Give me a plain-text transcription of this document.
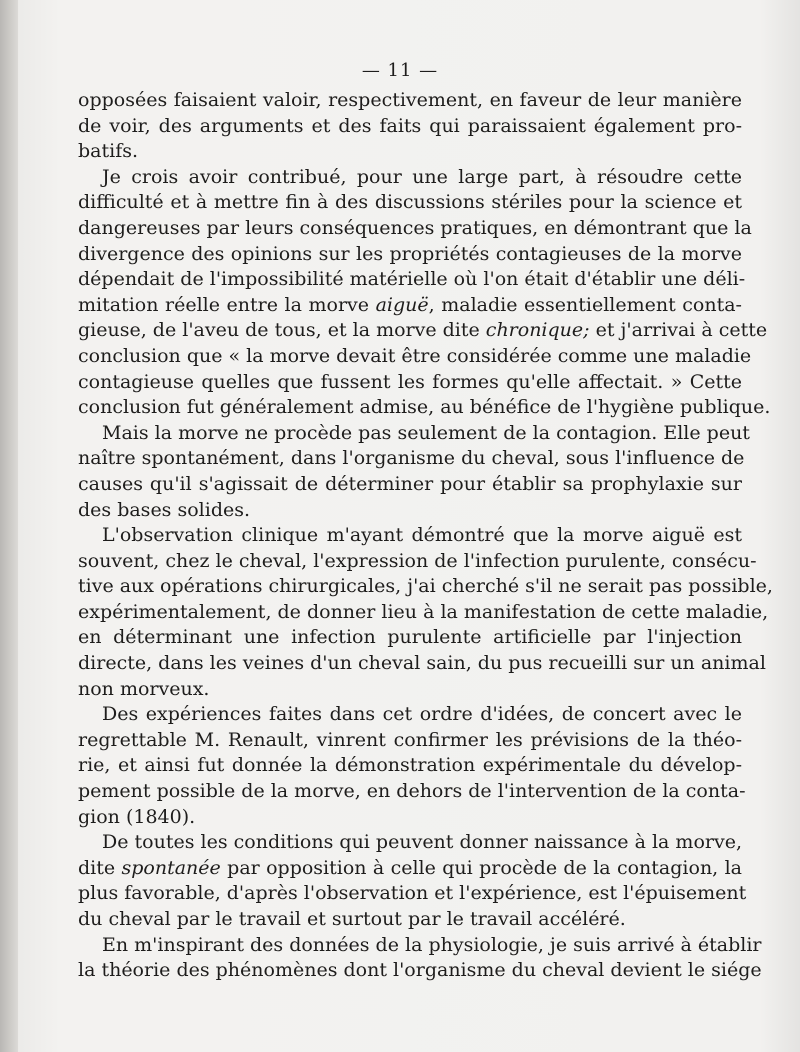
— 11 —
opposées faisaient valoir, respectivement, en faveur de leur manière
de voir, des arguments et des faits qui paraissaient également pro-
batifs.
Je crois avoir contribué, pour une large part, à résoudre cette
difficulté et à mettre fin à des discussions stériles pour la science et
dangereuses par leurs conséquences pratiques, en démontrant que la
divergence des opinions sur les propriétés contagieuses de la morve
dépendait de l'impossibilité matérielle où l'on était d'établir une déli-
mitation réelle entre la morve aiguë, maladie essentiellement conta-
gieuse, de l'aveu de tous, et la morve dite chronique; et j'arrivai à cette
conclusion que « la morve devait être considérée comme une maladie
contagieuse quelles que fussent les formes qu'elle affectait. » Cette
conclusion fut généralement admise, au bénéfice de l'hygiène publique.
Mais la morve ne procède pas seulement de la contagion. Elle peut
naître spontanément, dans l'organisme du cheval, sous l'influence de
causes qu'il s'agissait de déterminer pour établir sa prophylaxie sur
des bases solides.
L'observation clinique m'ayant démontré que la morve aiguë est
souvent, chez le cheval, l'expression de l'infection purulente, consécu-
tive aux opérations chirurgicales, j'ai cherché s'il ne serait pas possible,
expérimentalement, de donner lieu à la manifestation de cette maladie,
en déterminant une infection purulente artificielle par l'injection
directe, dans les veines d'un cheval sain, du pus recueilli sur un animal
non morveux.
Des expériences faites dans cet ordre d'idées, de concert avec le
regrettable M. Renault, vinrent confirmer les prévisions de la théo-
rie, et ainsi fut donnée la démonstration expérimentale du dévelop-
pement possible de la morve, en dehors de l'intervention de la conta-
gion (1840).
De toutes les conditions qui peuvent donner naissance à la morve,
dite spontanée par opposition à celle qui procède de la contagion, la
plus favorable, d'après l'observation et l'expérience, est l'épuisement
du cheval par le travail et surtout par le travail accéléré.
En m'inspirant des données de la physiologie, je suis arrivé à établir
la théorie des phénomènes dont l'organisme du cheval devient le siége
